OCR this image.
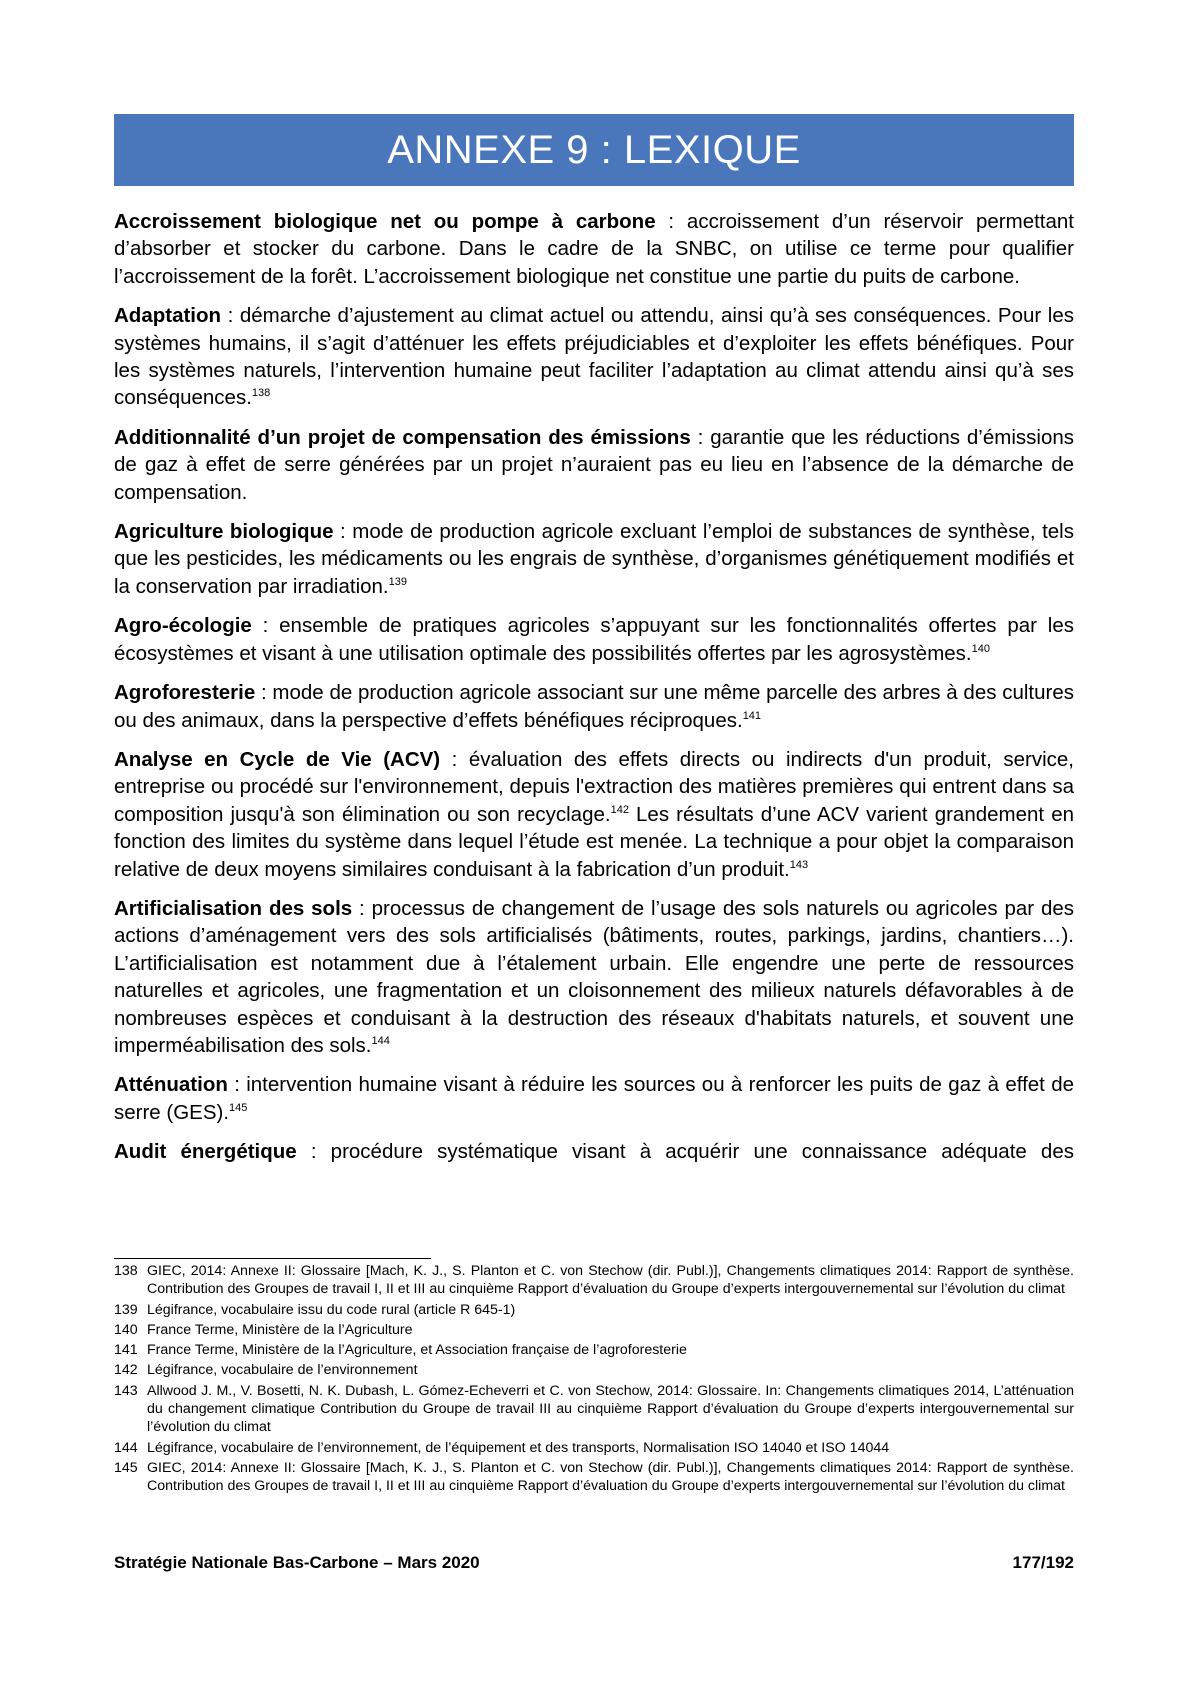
ANNEXE 9 : LEXIQUE

Accroissement biologique net ou pompe à carbone : accroissement d’un réservoir permettant d’absorber et stocker du carbone. Dans le cadre de la SNBC, on utilise ce terme pour qualifier l’accroissement de la forêt. L’accroissement biologique net constitue une partie du puits de carbone.

Adaptation : démarche d’ajustement au climat actuel ou attendu, ainsi qu’à ses conséquences. Pour les systèmes humains, il s’agit d’atténuer les effets préjudiciables et d’exploiter les effets bénéfiques. Pour les systèmes naturels, l’intervention humaine peut faciliter l’adaptation au climat attendu ainsi qu’à ses conséquences.$^{138}$

Additionnalité d’un projet de compensation des émissions : garantie que les réductions d’émissions de gaz à effet de serre générées par un projet n’auraient pas eu lieu en l’absence de la démarche de compensation.

Agriculture biologique : mode de production agricole excluant l’emploi de substances de synthèse, tels que les pesticides, les médicaments ou les engrais de synthèse, d’organismes génétiquement modifiés et la conservation par irradiation.$^{139}$

Agro-écologie : ensemble de pratiques agricoles s’appuyant sur les fonctionnalités offertes par les écosystèmes et visant à une utilisation optimale des possibilités offertes par les agrosystèmes.$^{140}$

Agroforesterie : mode de production agricole associant sur une même parcelle des arbres à des cultures ou des animaux, dans la perspective d’effets bénéfiques réciproques.$^{141}$

Analyse en Cycle de Vie (ACV) : évaluation des effets directs ou indirects d'un produit, service, entreprise ou procédé sur l'environnement, depuis l'extraction des matières premières qui entrent dans sa composition jusqu'à son élimination ou son recyclage.$^{142}$ Les résultats d’une ACV varient grandement en fonction des limites du système dans lequel l’étude est menée. La technique a pour objet la comparaison relative de deux moyens similaires conduisant à la fabrication d’un produit.$^{143}$

Artificialisation des sols : processus de changement de l’usage des sols naturels ou agricoles par des actions d’aménagement vers des sols artificialisés (bâtiments, routes, parkings, jardins, chantiers…). L’artificialisation est notamment due à l’étalement urbain. Elle engendre une perte de ressources naturelles et agricoles, une fragmentation et un cloisonnement des milieux naturels défavorables à de nombreuses espèces et conduisant à la destruction des réseaux d'habitats naturels, et souvent une imperméabilisation des sols.$^{144}$

Atténuation : intervention humaine visant à réduire les sources ou à renforcer les puits de gaz à effet de serre (GES).$^{145}$

Audit énergétique : procédure systématique visant à acquérir une connaissance adéquate des

138 GIEC, 2014: Annexe II: Glossaire [Mach, K. J., S. Planton et C. von Stechow (dir. Publ.)], Changements climatiques 2014: Rapport de synthèse. Contribution des Groupes de travail I, II et III au cinquième Rapport d’évaluation du Groupe d’experts intergouvernemental sur l’évolution du climat
139 Légifrance, vocabulaire issu du code rural (article R 645-1)
140 France Terme, Ministère de la l’Agriculture
141 France Terme, Ministère de la l’Agriculture, et Association française de l’agroforesterie
142 Légifrance, vocabulaire de l’environnement
143 Allwood J. M., V. Bosetti, N. K. Dubash, L. Gómez-Echeverri et C. von Stechow, 2014: Glossaire. In: Changements climatiques 2014, L’atténuation du changement climatique Contribution du Groupe de travail III au cinquième Rapport d’évaluation du Groupe d’experts intergouvernemental sur l’évolution du climat
144 Légifrance, vocabulaire de l’environnement, de l’équipement et des transports, Normalisation ISO 14040 et ISO 14044
145 GIEC, 2014: Annexe II: Glossaire [Mach, K. J., S. Planton et C. von Stechow (dir. Publ.)], Changements climatiques 2014: Rapport de synthèse. Contribution des Groupes de travail I, II et III au cinquième Rapport d’évaluation du Groupe d’experts intergouvernemental sur l’évolution du climat
Stratégie Nationale Bas-Carbone – Mars 2020	177/192
